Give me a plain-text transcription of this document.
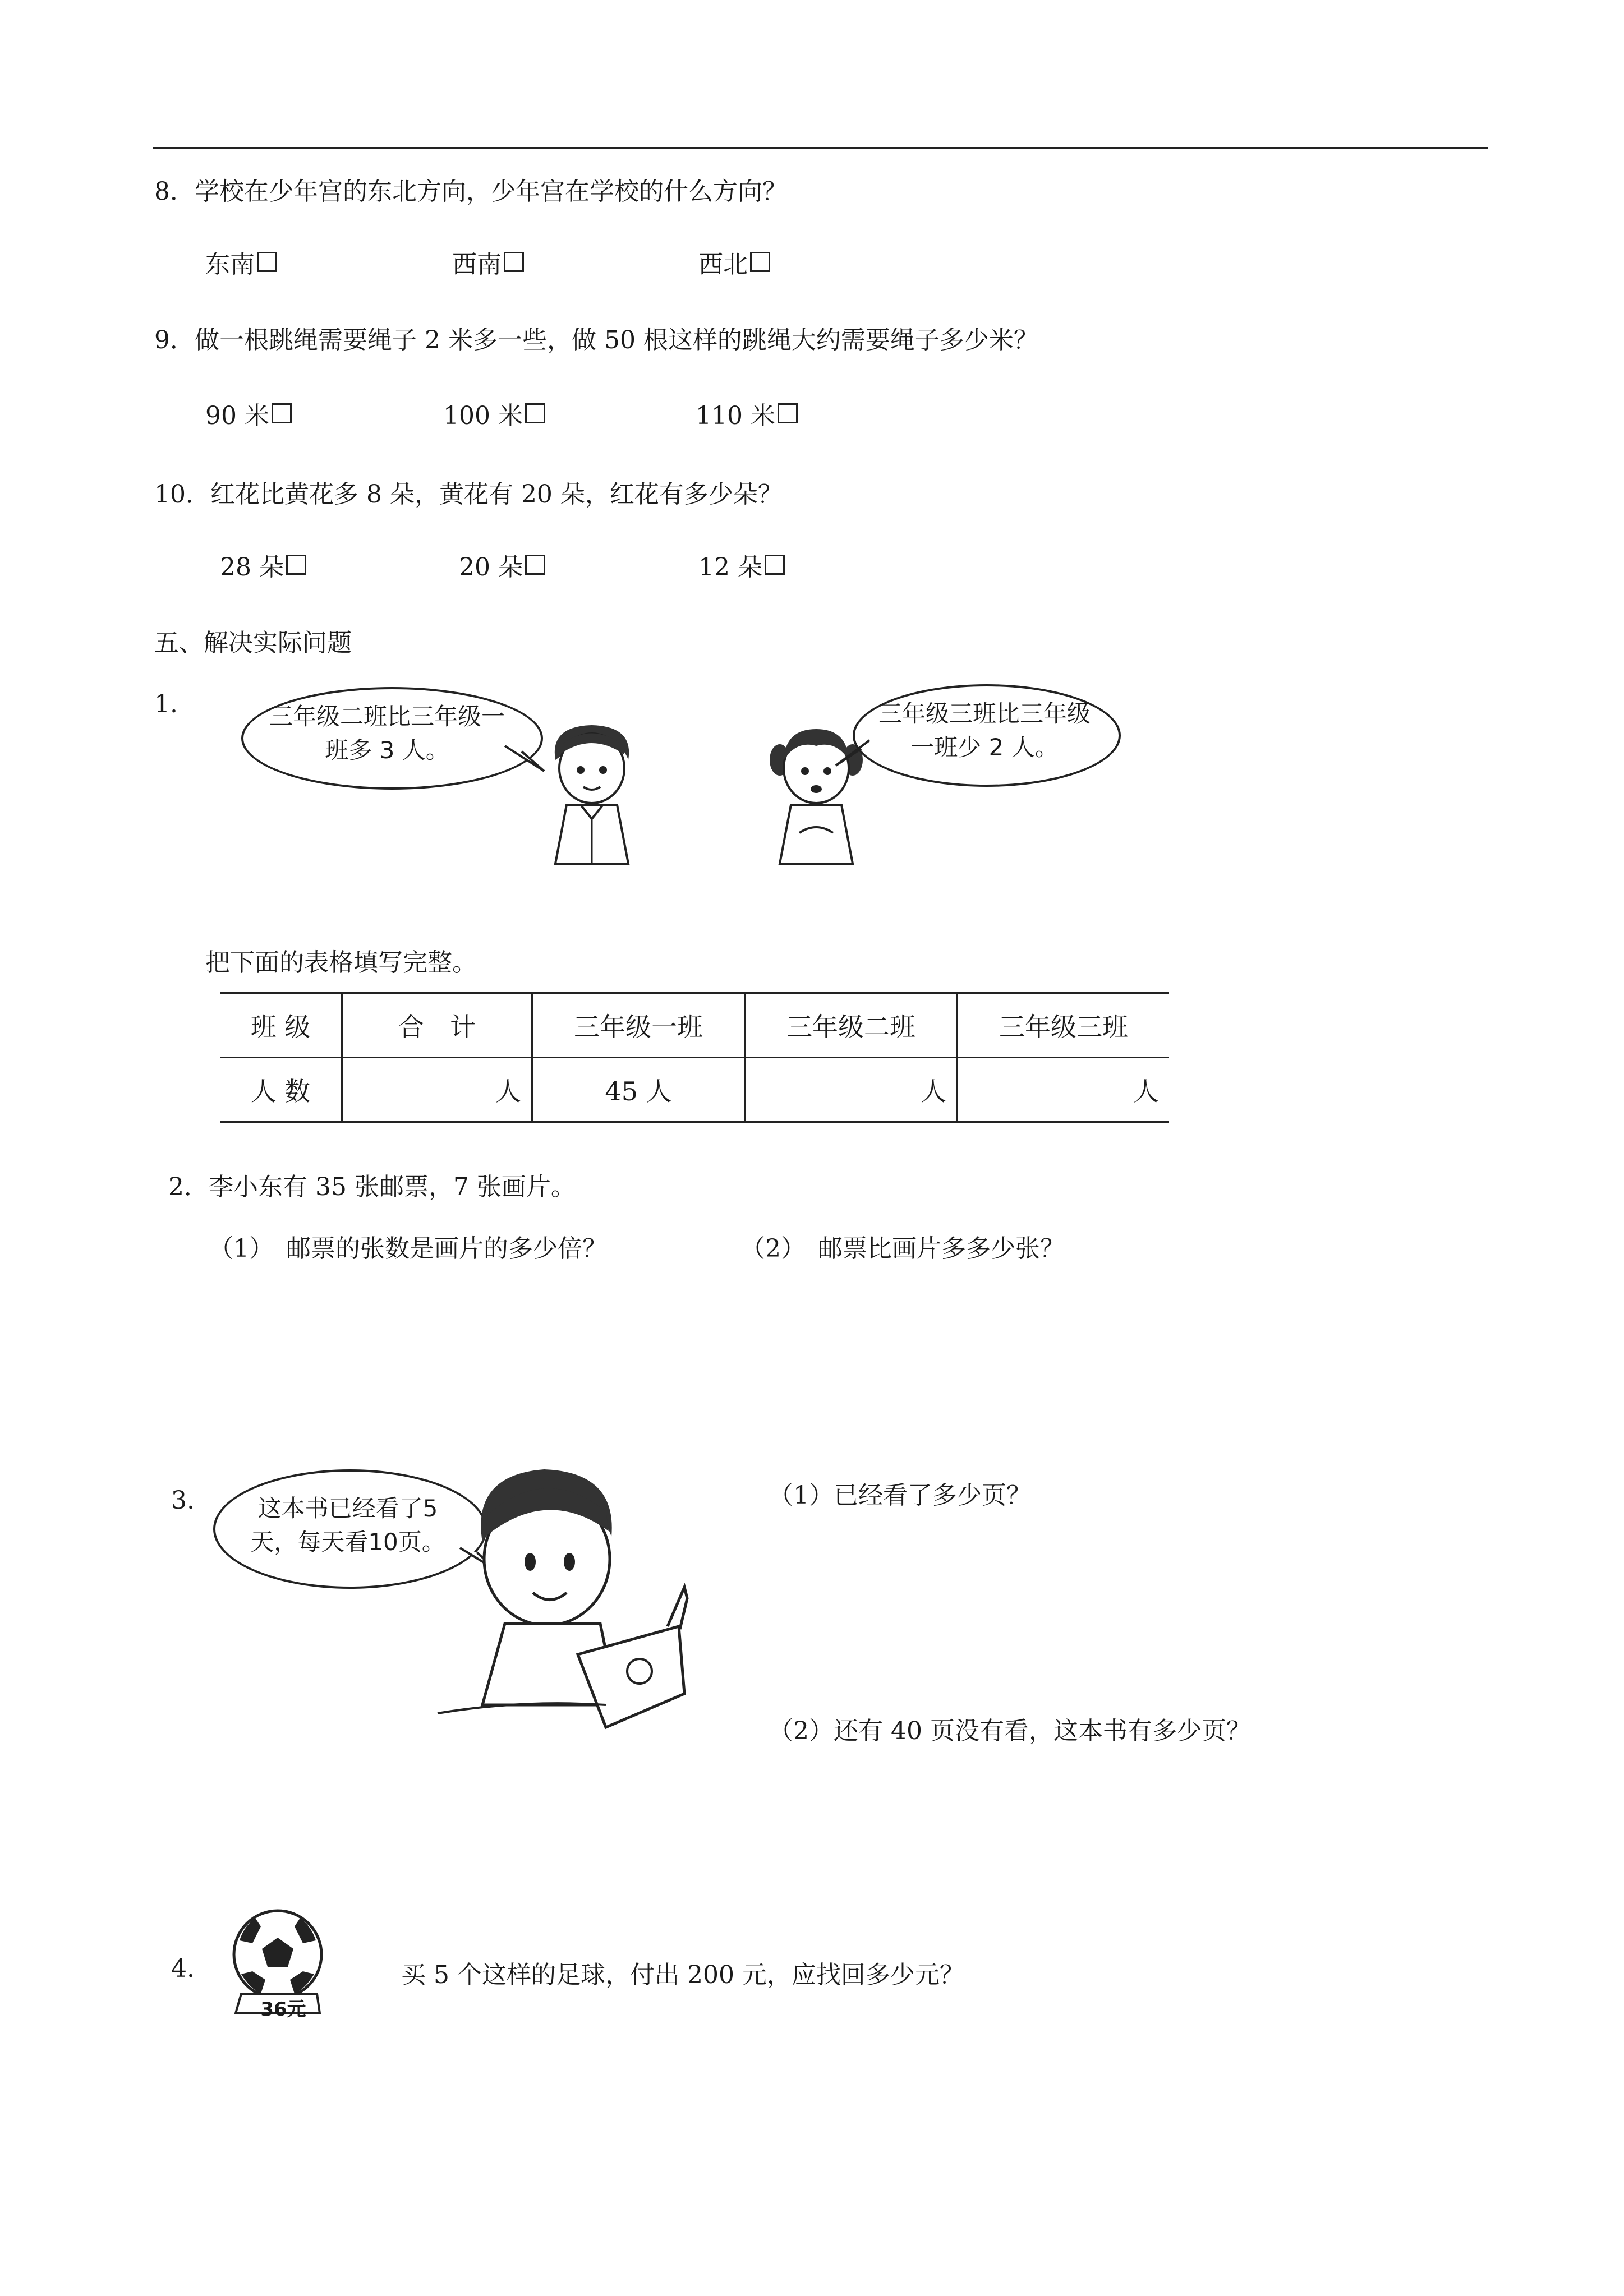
8．学校在少年宫的东北方向，少年宫在学校的什么方向？
东南	西南	西北
9．做一根跳绳需要绳子 2 米多一些，做 50 根这样的跳绳大约需要绳子多少米？
90 米	100 米	110 米
10．红花比黄花多 8 朵，黄花有 20 朵，红花有多少朵？
28 朵	20 朵	12 朵
五、解决实际问题
1.	三年级二班比三年级一班多 3 人。
三年级三班比三年级一班少 2 人。
把下面的表格填写完整。
班 级	合　计	三年级一班	三年级二班	三年级三班
人 数	人	45 人	人	人
2．李小东有 35 张邮票，7 张画片。
（1）　邮票的张数是画片的多少倍？	（2）　邮票比画片多多少张？
3.	这本书已经看了5天，每天看10页。
（1）已经看了多少页？
（2）还有 40 页没有看，这本书有多少页？
4.
36元
买 5 个这样的足球，付出 200 元，应找回多少元？
